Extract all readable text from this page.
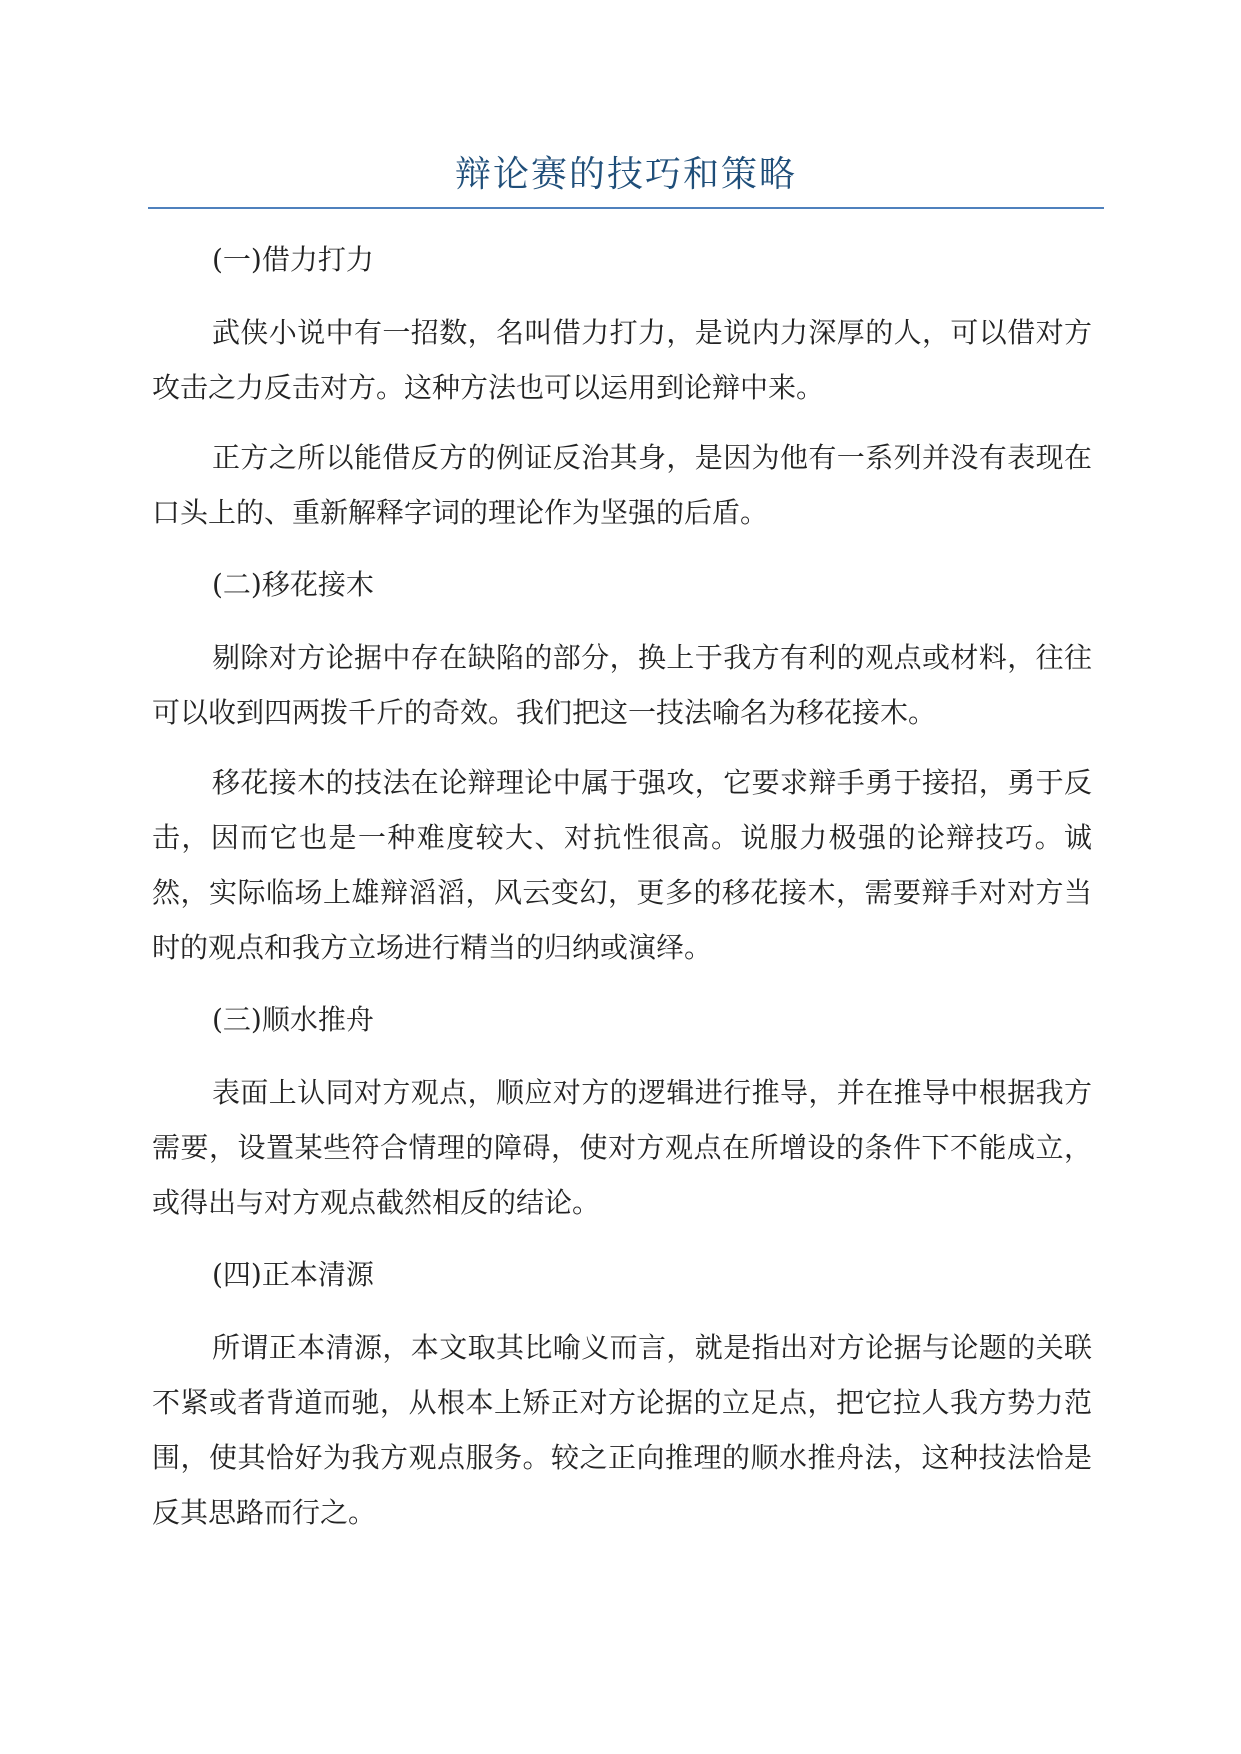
辩论赛的技巧和策略
(一)借力打力

武侠小说中有一招数，名叫借力打力，是说内力深厚的人，可以借对方攻击之力反击对方。这种方法也可以运用到论辩中来。

正方之所以能借反方的例证反治其身，是因为他有一系列并没有表现在口头上的、重新解释字词的理论作为坚强的后盾。

(二)移花接木

剔除对方论据中存在缺陷的部分，换上于我方有利的观点或材料，往往可以收到四两拨千斤的奇效。我们把这一技法喻名为移花接木。

移花接木的技法在论辩理论中属于强攻，它要求辩手勇于接招，勇于反击，因而它也是一种难度较大、对抗性很高。说服力极强的论辩技巧。诚然，实际临场上雄辩滔滔，风云变幻，更多的移花接木，需要辩手对对方当时的观点和我方立场进行精当的归纳或演绎。

(三)顺水推舟

表面上认同对方观点，顺应对方的逻辑进行推导，并在推导中根据我方需要，设置某些符合情理的障碍，使对方观点在所增设的条件下不能成立，或得出与对方观点截然相反的结论。

(四)正本清源

所谓正本清源，本文取其比喻义而言，就是指出对方论据与论题的关联不紧或者背道而驰，从根本上矫正对方论据的立足点，把它拉人我方势力范围，使其恰好为我方观点服务。较之正向推理的顺水推舟法，这种技法恰是反其思路而行之。
